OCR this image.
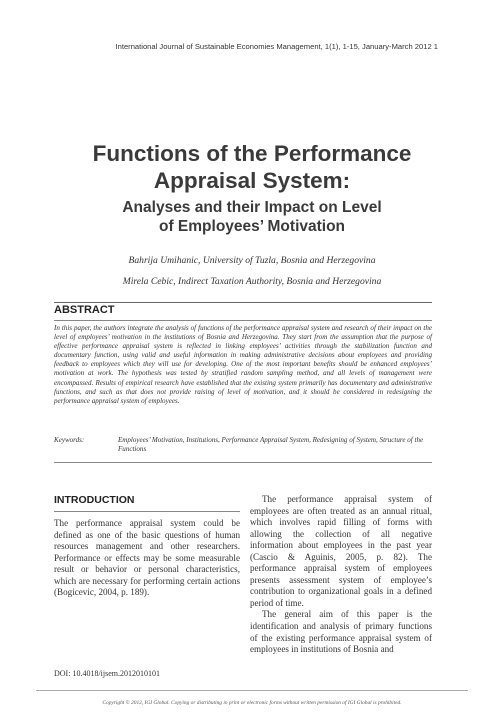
International Journal of Sustainable Economies Management, 1(1), 1-15, January-March 2012 1
Functions of the Performance
Appraisal System:
Analyses and their Impact on Level
of Employees’ Motivation
Bahrija Umihanic, University of Tuzla, Bosnia and Herzegovina
Mirela Cebic, Indirect Taxation Authority, Bosnia and Herzegovina
ABSTRACT

In this paper, the authors integrate the analysis of functions of the performance appraisal system and research of their impact on the level of employees’ motivation in the institutions of Bosnia and Herzegovina. They start from the assumption that the purpose of effective performance appraisal system is reflected in linking employees’ activities through the stabilization function and documentary function, using valid and useful information in making administrative decisions about employees and providing feedback to employees which they will use for developing. One of the most important benefits should be enhanced employees’ motivation at work. The hypothesis was tested by stratified random sampling method, and all levels of management were encompassed. Results of empirical research have established that the existing system primarily has documentary and administrative functions, and such as that does not provide raising of level of motivation, and it should be considered in redesigning the performance appraisal system of employees.

Keywords:	Employees’ Motivation, Institutions, Performance Appraisal System, Redesigning of System, Structure of the Functions
INTRODUCTION

The performance appraisal system could be defined as one of the basic questions of human resources management and other researchers. Performance or effects may be some measurable result or behavior or personal characteristics, which are necessary for performing certain actions (Bogicevic, 2004, p. 189).

The performance appraisal system of employees are often treated as an annual ritual, which involves rapid filling of forms with allowing the collection of all negative information about employees in the past year (Cascio & Aguinis, 2005, p. 82). The performance appraisal system of employees presents assessment system of employee’s contribution to organizational goals in a defined period of time.

The general aim of this paper is the identification and analysis of primary functions of the existing performance appraisal system of employees in institutions of Bosnia and

DOI: 10.4018/ijsem.2012010101
Copyright © 2012, IGI Global. Copying or distributing in print or electronic forms without written permission of IGI Global is prohibited.
